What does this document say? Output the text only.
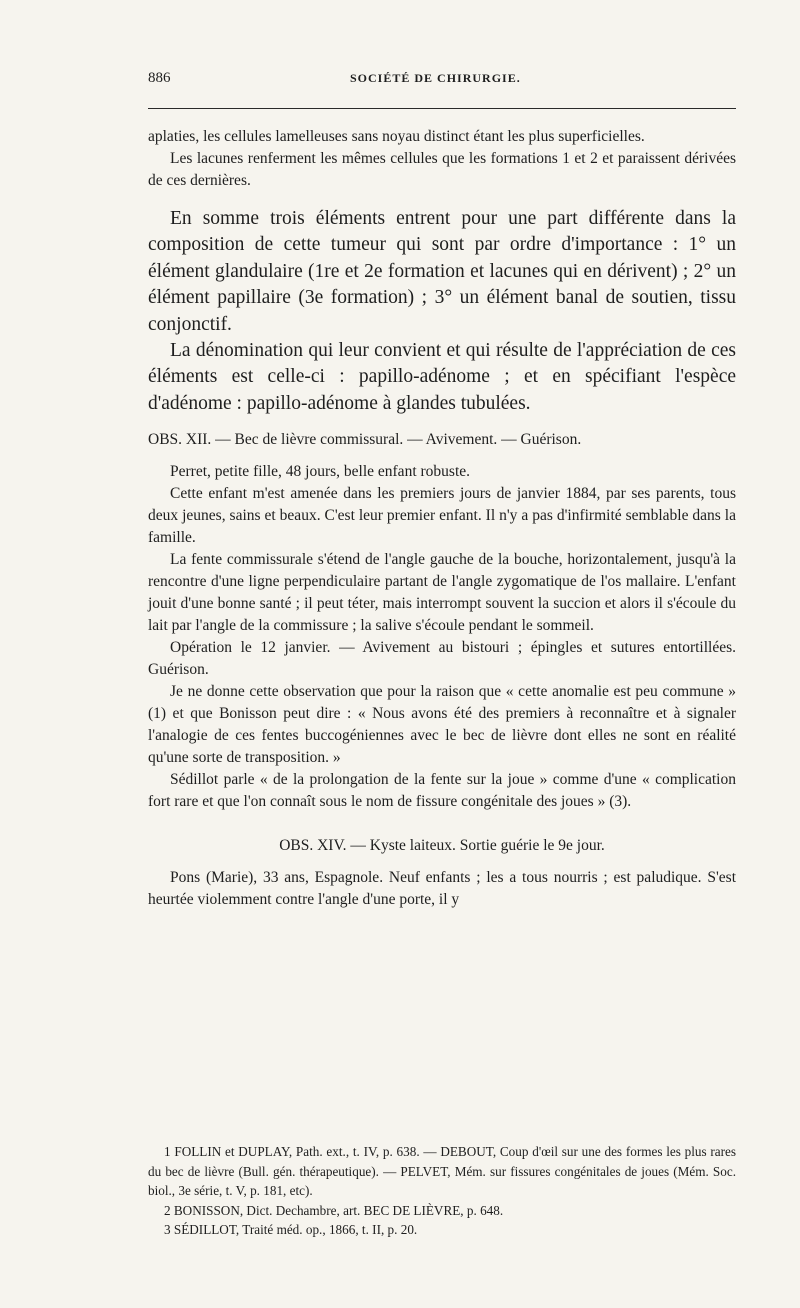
886	SOCIÉTÉ DE CHIRURGIE.

aplaties, les cellules lamelleuses sans noyau distinct étant les plus superficielles.

Les lacunes renferment les mêmes cellules que les formations 1 et 2 et paraissent dérivées de ces dernières.

En somme trois éléments entrent pour une part différente dans la composition de cette tumeur qui sont par ordre d'importance : 1° un élément glandulaire (1re et 2e formation et lacunes qui en dérivent) ; 2° un élément papillaire (3e formation) ; 3° un élément banal de soutien, tissu conjonctif.

La dénomination qui leur convient et qui résulte de l'appréciation de ces éléments est celle-ci : papillo-adénome ; et en spécifiant l'espèce d'adénome : papillo-adénome à glandes tubulées.

OBS. XII. — Bec de lièvre commissural. — Avivement. — Guérison.

Perret, petite fille, 48 jours, belle enfant robuste.

Cette enfant m'est amenée dans les premiers jours de janvier 1884, par ses parents, tous deux jeunes, sains et beaux. C'est leur premier enfant. Il n'y a pas d'infirmité semblable dans la famille.

La fente commissurale s'étend de l'angle gauche de la bouche, horizontalement, jusqu'à la rencontre d'une ligne perpendiculaire partant de l'angle zygomatique de l'os mallaire. L'enfant jouit d'une bonne santé ; il peut téter, mais interrompt souvent la succion et alors il s'écoule du lait par l'angle de la commissure ; la salive s'écoule pendant le sommeil.

Opération le 12 janvier. — Avivement au bistouri ; épingles et sutures entortillées. Guérison.

Je ne donne cette observation que pour la raison que « cette anomalie est peu commune » (1) et que Bonisson peut dire : « Nous avons été des premiers à reconnaître et à signaler l'analogie de ces fentes buccogéniennes avec le bec de lièvre dont elles ne sont en réalité qu'une sorte de transposition. »

Sédillot parle « de la prolongation de la fente sur la joue » comme d'une « complication fort rare et que l'on connaît sous le nom de fissure congénitale des joues » (3).

OBS. XIV. — Kyste laiteux. Sortie guérie le 9e jour.

Pons (Marie), 33 ans, Espagnole. Neuf enfants ; les a tous nourris ; est paludique. S'est heurtée violemment contre l'angle d'une porte, il y

1 FOLLIN et DUPLAY, Path. ext., t. IV, p. 638. — DEBOUT, Coup d'œil sur une des formes les plus rares du bec de lièvre (Bull. gén. thérapeutique). — PELVET, Mém. sur fissures congénitales de joues (Mém. Soc. biol., 3e série, t. V, p. 181, etc).

2 BONISSON, Dict. Dechambre, art. BEC DE LIÈVRE, p. 648.

3 SÉDILLOT, Traité méd. op., 1866, t. II, p. 20.
